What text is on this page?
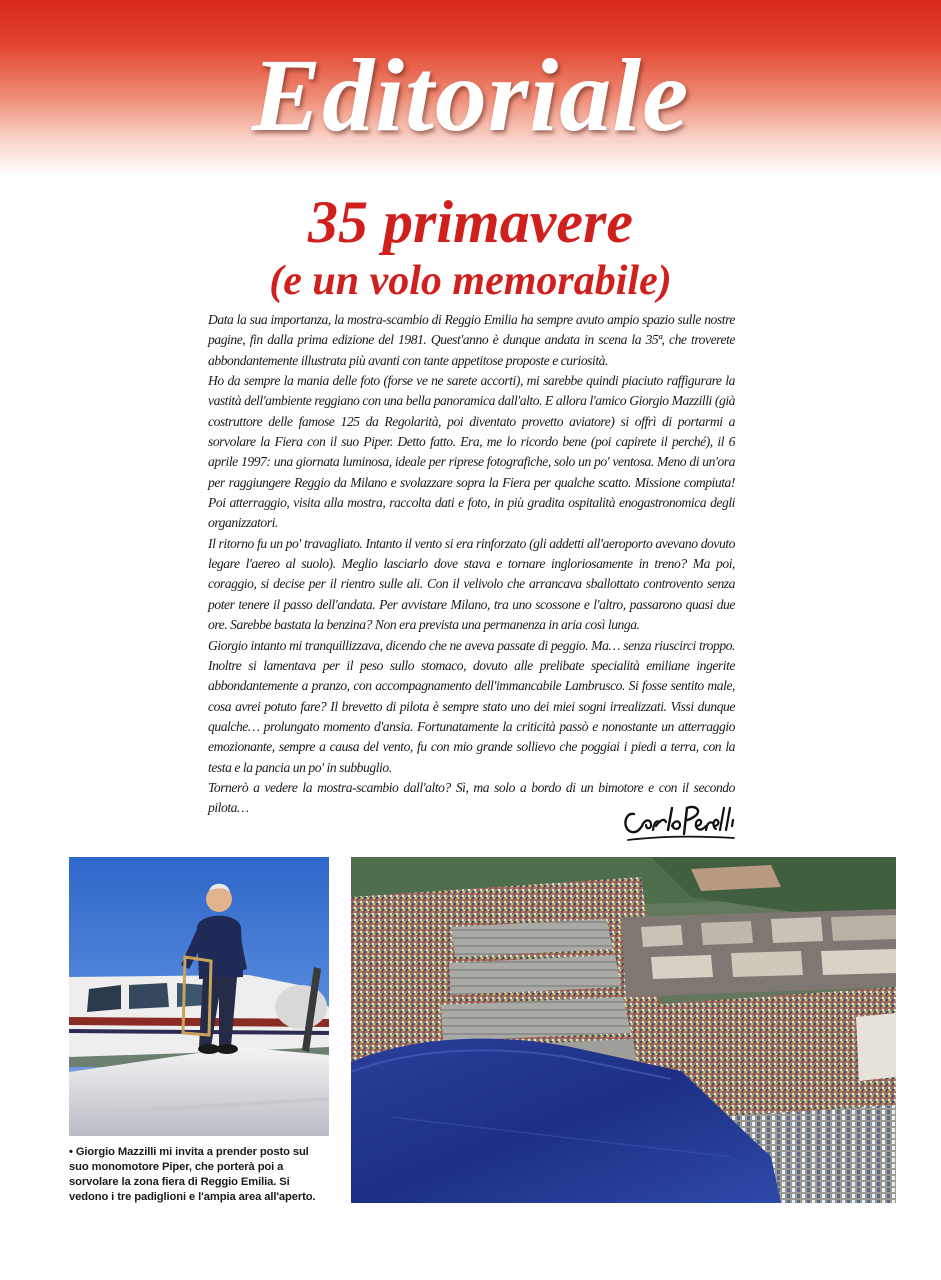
Editoriale
35 primavere
(e un volo memorabile)

Data la sua importanza, la mostra-scambio di Reggio Emilia ha sempre avuto ampio spazio sulle nostre pagine, fin dalla prima edizione del 1981. Quest'anno è dunque andata in scena la 35ª, che troverete abbondantemente illustrata più avanti con tante appetitose proposte e curiosità.

Ho da sempre la mania delle foto (forse ve ne sarete accorti), mi sarebbe quindi piaciuto raffigurare la vastità dell'ambiente reggiano con una bella panoramica dall'alto. E allora l'amico Giorgio Mazzilli (già costruttore delle famose 125 da Regolarità, poi diventato provetto aviatore) si offrì di portarmi a sorvolare la Fiera con il suo Piper. Detto fatto. Era, me lo ricordo bene (poi capirete il perché), il 6 aprile 1997: una giornata luminosa, ideale per riprese fotografiche, solo un po' ventosa. Meno di un'ora per raggiungere Reggio da Milano e svolazzare sopra la Fiera per qualche scatto. Missione compiuta! Poi atterraggio, visita alla mostra, raccolta dati e foto, in più gradita ospitalità enogastronomica degli organizzatori.

Il ritorno fu un po' travagliato. Intanto il vento si era rinforzato (gli addetti all'aeroporto avevano dovuto legare l'aereo al suolo). Meglio lasciarlo dove stava e tornare ingloriosamente in treno? Ma poi, coraggio, si decise per il rientro sulle ali. Con il velivolo che arrancava sballottato controvento senza poter tenere il passo dell'andata. Per avvistare Milano, tra uno scossone e l'altro, passarono quasi due ore. Sarebbe bastata la benzina? Non era prevista una permanenza in aria così lunga.

Giorgio intanto mi tranquillizzava, dicendo che ne aveva passate di peggio. Ma… senza riuscirci troppo. Inoltre si lamentava per il peso sullo stomaco, dovuto alle prelibate specialità emiliane ingerite abbondantemente a pranzo, con accompagnamento dell'immancabile Lambrusco. Si fosse sentito male, cosa avrei potuto fare? Il brevetto di pilota è sempre stato uno dei miei sogni irrealizzati. Vissi dunque qualche… prolungato momento d'ansia. Fortunatamente la criticità passò e nonostante un atterraggio emozionante, sempre a causa del vento, fu con mio grande sollievo che poggiai i piedi a terra, con la testa e la pancia un po' in subbuglio.

Tornerò a vedere la mostra-scambio dall'alto? Sì, ma solo a bordo di un bimotore e con il secondo pilota…

• Giorgio Mazzilli mi invita a prender posto sul suo monomotore Piper, che porterà poi a sorvolare la zona fiera di Reggio Emilia. Si vedono i tre padiglioni e l'ampia area all'aperto.
